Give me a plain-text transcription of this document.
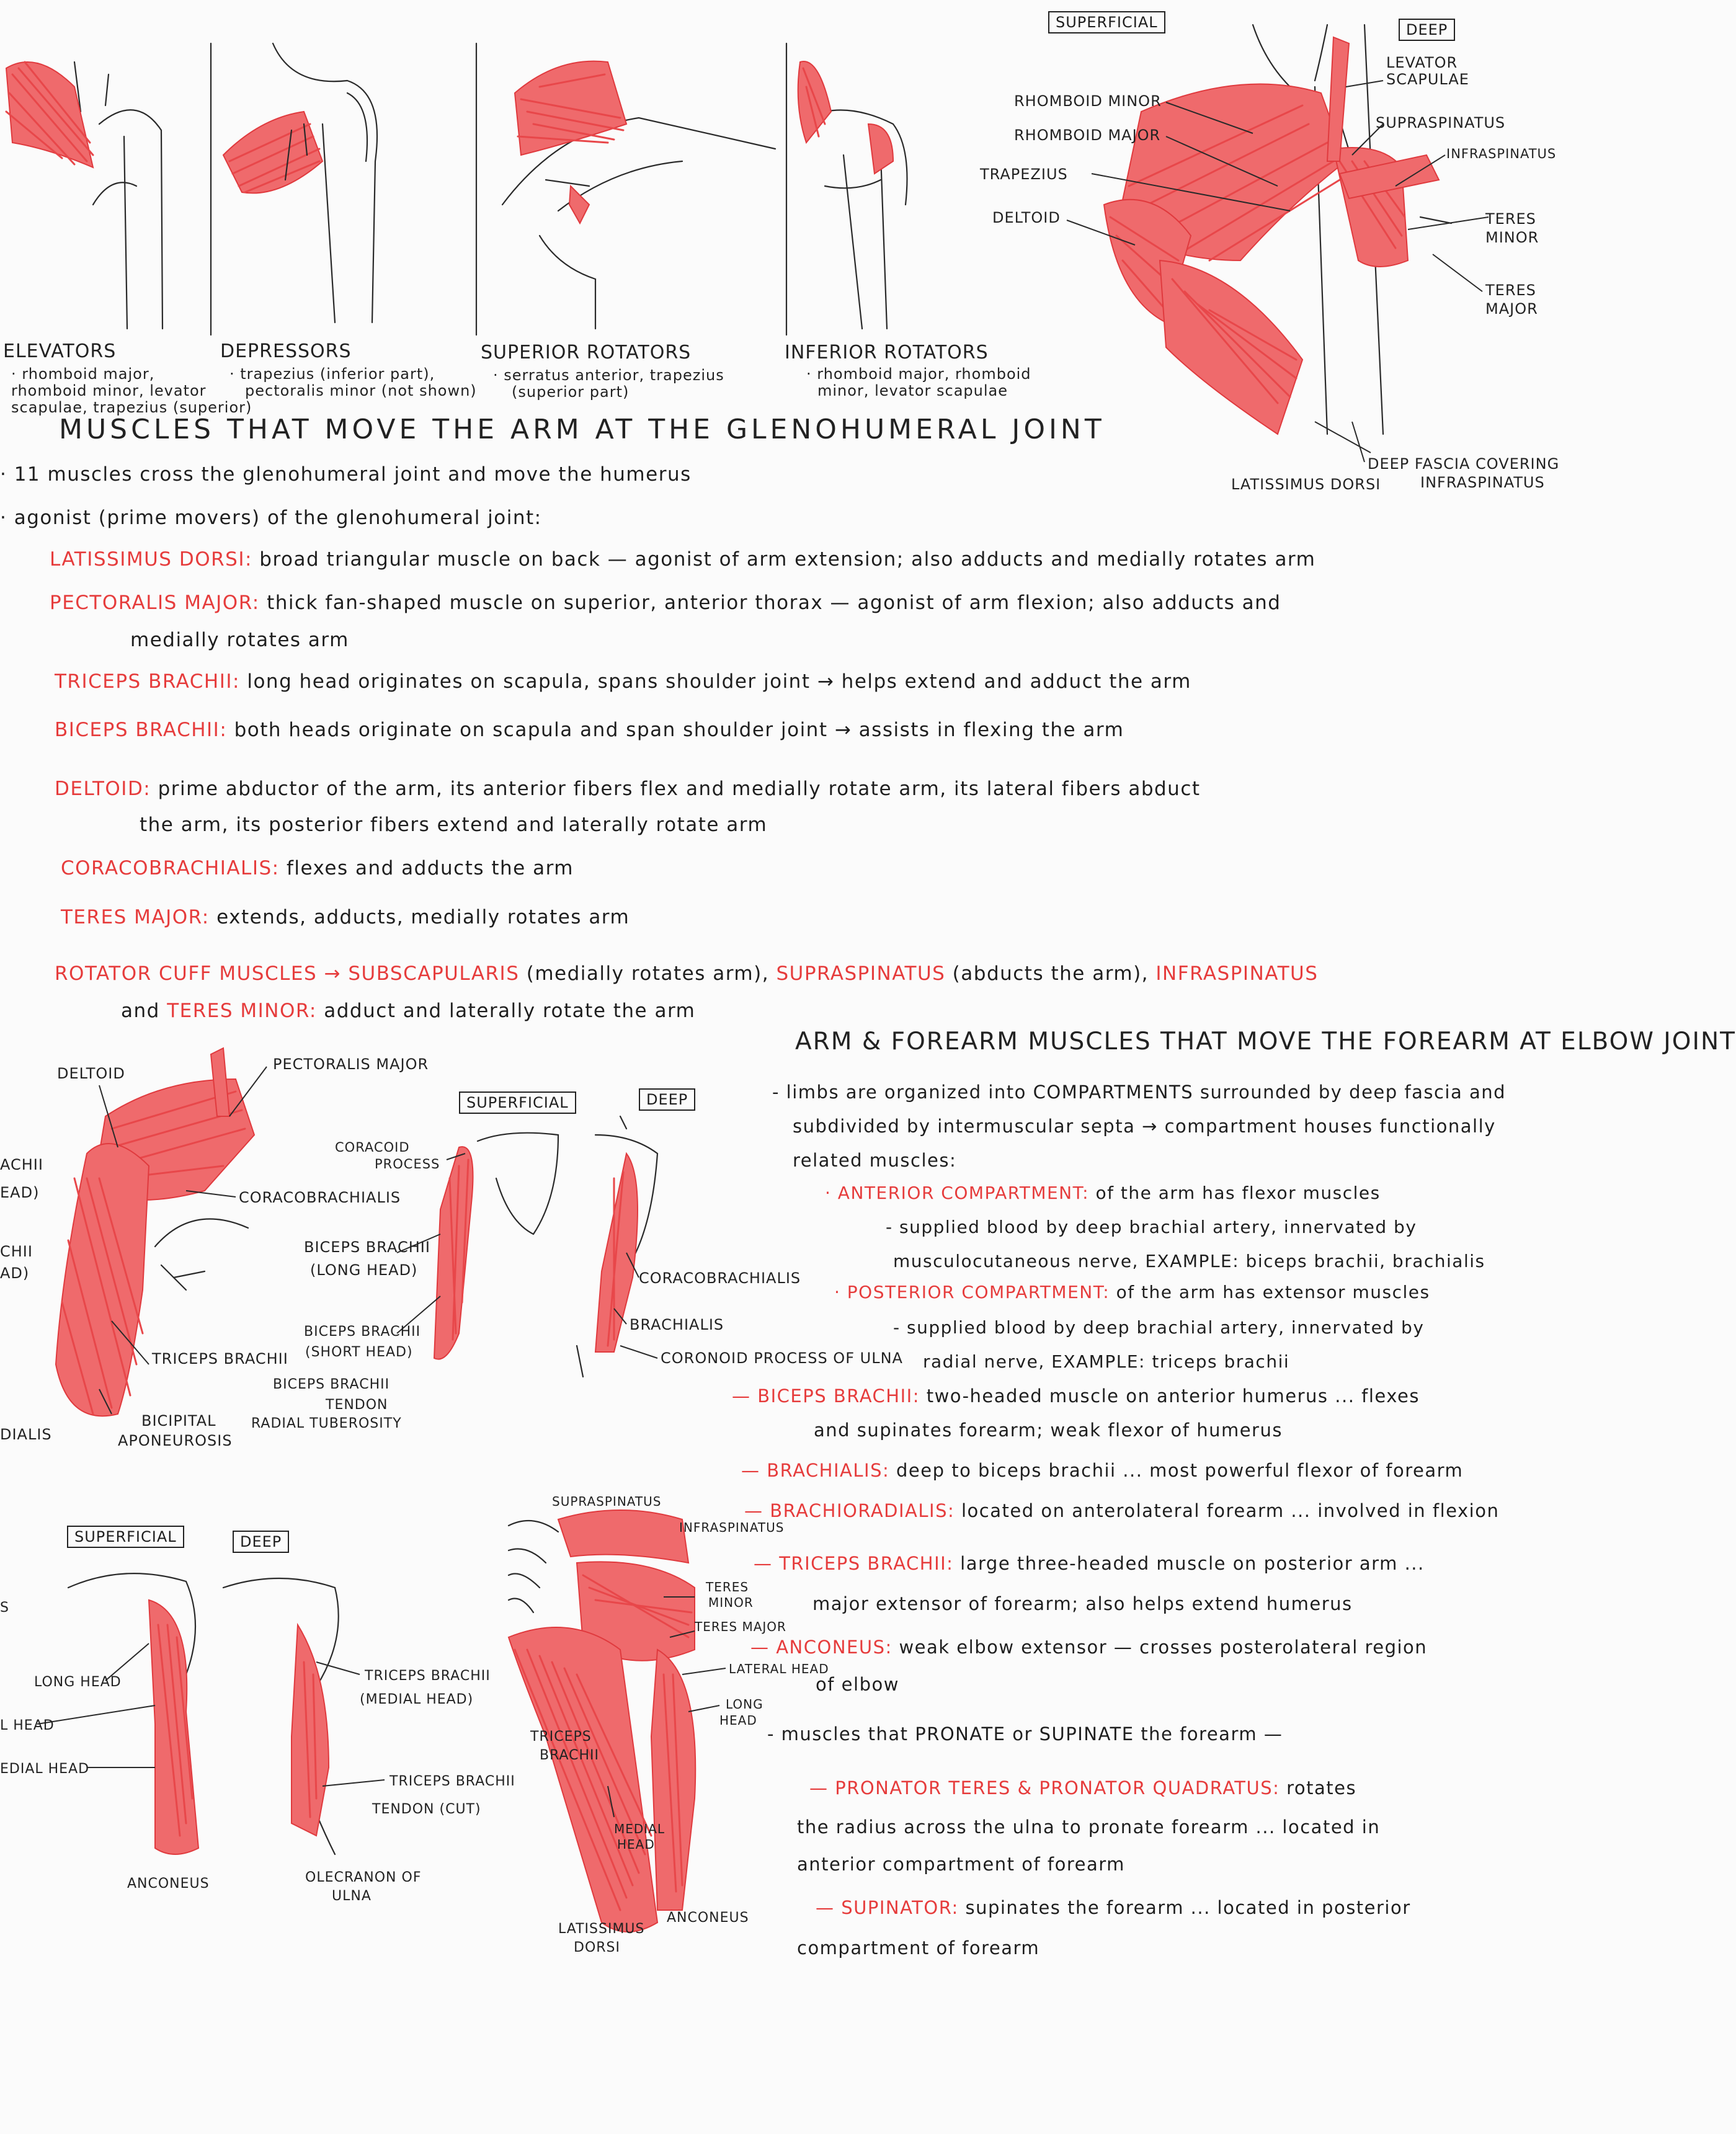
ELEVATORS
· rhomboid major,
rhomboid minor, levator
scapulae, trapezius (superior)
DEPRESSORS
· trapezius (inferior part),
pectoralis minor (not shown)
SUPERIOR ROTATORS
· serratus anterior, trapezius
(superior part)
INFERIOR ROTATORS
· rhomboid major, rhomboid
minor, levator scapulae
SUPERFICIAL	DEEP
RHOMBOID MINOR
RHOMBOID MAJOR
TRAPEZIUS
DELTOID
LEVATOR
SCAPULAE
SUPRASPINATUS
INFRASPINATUS
TERES
MINOR
TERES
MAJOR
LATISSIMUS DORSI
DEEP FASCIA COVERING
INFRASPINATUS
MUSCLES THAT MOVE THE ARM AT THE GLENOHUMERAL JOINT
· 11 muscles cross the glenohumeral joint and move the humerus
· agonist (prime movers) of the glenohumeral joint:
LATISSIMUS DORSI: broad triangular muscle on back — agonist of arm extension; also adducts and medially rotates arm
PECTORALIS MAJOR: thick fan-shaped muscle on superior, anterior thorax — agonist of arm flexion; also adducts and
medially rotates arm
TRICEPS BRACHII: long head originates on scapula, spans shoulder joint → helps extend and adduct the arm
BICEPS BRACHII: both heads originate on scapula and span shoulder joint → assists in flexing the arm
DELTOID: prime abductor of the arm, its anterior fibers flex and medially rotate arm, its lateral fibers abduct
the arm, its posterior fibers extend and laterally rotate arm
CORACOBRACHIALIS: flexes and adducts the arm
TERES MAJOR: extends, adducts, medially rotates arm
ROTATOR CUFF MUSCLES → SUBSCAPULARIS (medially rotates arm), SUPRASPINATUS (abducts the arm), INFRASPINATUS
and TERES MINOR: adduct and laterally rotate the arm
DELTOID
PECTORALIS MAJOR
CORACOBRACHIALIS
TRICEPS BRACHII
BICIPITAL
APONEUROSIS
ACHII
EAD)
CHII
AD)
DIALIS
SUPERFICIAL	DEEP
CORACOID
PROCESS
BICEPS BRACHII
(LONG HEAD)
BICEPS BRACHII
(SHORT HEAD)
BICEPS BRACHII
TENDON
RADIAL TUBEROSITY
CORACOBRACHIALIS
BRACHIALIS
CORONOID PROCESS OF ULNA
SUPERFICIAL	DEEP
LONG HEAD
L HEAD
EDIAL HEAD
S
TRICEPS BRACHII
(MEDIAL HEAD)
TRICEPS BRACHII
TENDON (CUT)
ANCONEUS	OLECRANON OF
ULNA
SUPRASPINATUS
INFRASPINATUS
TERES
MINOR
TERES MAJOR
LATERAL HEAD
LONG
HEAD
TRICEPS
BRACHII
MEDIAL
HEAD
LATISSIMUS
DORSI
ANCONEUS
ARM & FOREARM MUSCLES THAT MOVE THE FOREARM AT ELBOW JOINT
- limbs are organized into COMPARTMENTS surrounded by deep fascia and
subdivided by intermuscular septa → compartment houses functionally
related muscles:
· ANTERIOR COMPARTMENT: of the arm has flexor muscles
- supplied blood by deep brachial artery, innervated by
musculocutaneous nerve, EXAMPLE: biceps brachii, brachialis
· POSTERIOR COMPARTMENT: of the arm has extensor muscles
- supplied blood by deep brachial artery, innervated by
radial nerve, EXAMPLE: triceps brachii
— BICEPS BRACHII: two-headed muscle on anterior humerus ... flexes
and supinates forearm; weak flexor of humerus
— BRACHIALIS: deep to biceps brachii ... most powerful flexor of forearm
— BRACHIORADIALIS: located on anterolateral forearm ... involved in flexion
— TRICEPS BRACHII: large three-headed muscle on posterior arm ...
major extensor of forearm; also helps extend humerus
— ANCONEUS: weak elbow extensor — crosses posterolateral region
of elbow
- muscles that PRONATE or SUPINATE the forearm —
— PRONATOR TERES & PRONATOR QUADRATUS: rotates
the radius across the ulna to pronate forearm ... located in
anterior compartment of forearm
— SUPINATOR: supinates the forearm ... located in posterior
compartment of forearm
